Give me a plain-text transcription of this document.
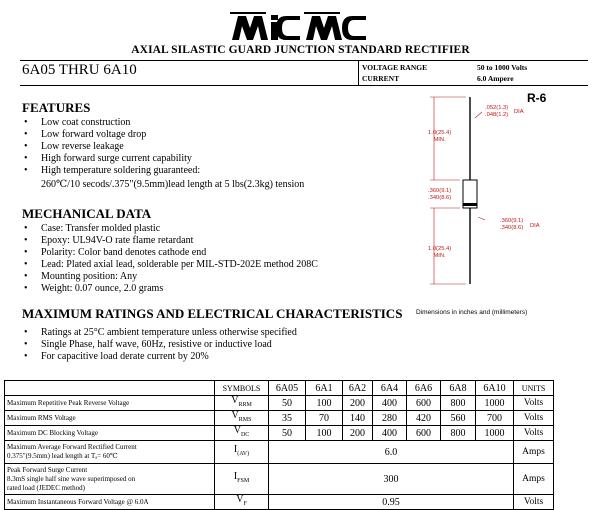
AXIAL SILASTIC GUARD JUNCTION STANDARD RECTIFIER
6A05 THRU 6A10	VOLTAGE RANGE	50 to 1000 Volts
CURRENT	6.0 Ampere
FEATURES
• Low coat construction
• Low forward voltage drop
• Low reverse leakage
• High forward surge current capability
• High temperature soldering guaranteed:
260℃/10 secods/.375"(9.5mm)lead length at 5 lbs(2.3kg) tension
MECHANICAL DATA
• Case: Transfer molded plastic
• Epoxy: UL94V-O rate flame retardant
• Polarity: Color band denotes cathode end
• Lead: Plated axial lead, solderable per MIL-STD-202E method 208C
• Mounting position: Any
• Weight: 0.07 ounce, 2.0 grams
MAXIMUM RATINGS AND ELECTRICAL CHARACTERISTICS
• Ratings at 25°C ambient temperature unless otherwise specified
• Single Phase, half wave, 60Hz, resistive or inductive load
• For capacitive load derate current by 20%
R-6
.052(1.3)
.048(1.2) DIA
1.0(25.4)
MIN.
.360(9.1)
.340(8.6)
.360(9.1)
.340(8.6) DIA
1.0(25.4)
MIN.
Dimensions in inches and (millimeters)
	SYMBOLS	6A05	6A1	6A2	6A4	6A6	6A8	6A10	UNITS
Maximum Repetitive Peak Reverse Voltage	$V_{RRM}$	50	100	200	400	600	800	1000	Volts
Maximum RMS Voltage	$V_{RMS}$	35	70	140	280	420	560	700	Volts
Maximum DC Blocking Voltage	$V_{DC}$	50	100	200	400	600	800	1000	Volts
Maximum Average Forward Rectified Current
0.375"(9.5mm) lead length at Tₐ= 60℃	$I_{(AV)}$	6.0							Amps
Peak Forward Surge Current
8.3mS single half sine wave superimposed on
rated load (JEDEC method)	$I_{FSM}$	300							Amps
Maximum Instantaneous Forward Voltage @ 6.0A	$V_F$	0.95							Volts
